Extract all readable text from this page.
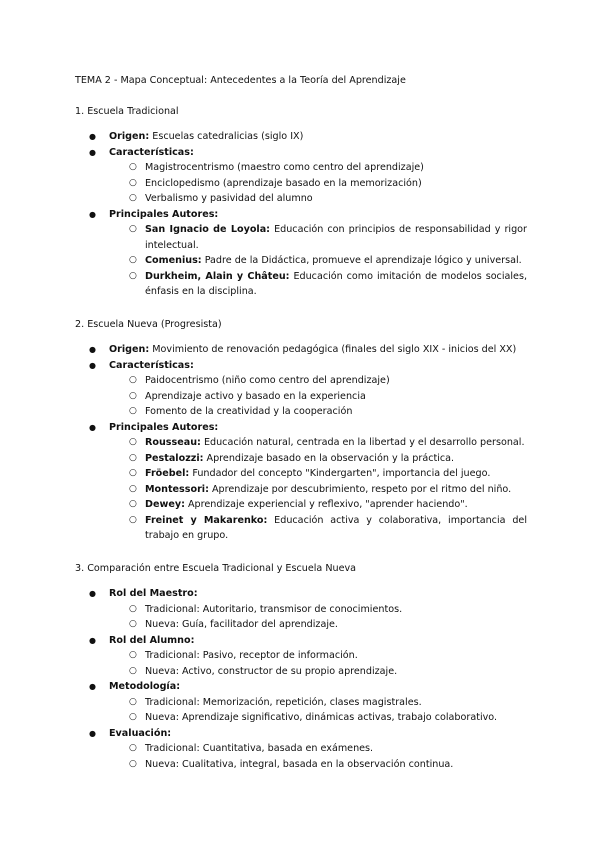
TEMA 2 - Mapa Conceptual: Antecedentes a la Teoría del Aprendizaje
1. Escuela Tradicional
● Origen: Escuelas catedralicias (siglo IX)
● Características:
○ Magistrocentrismo (maestro como centro del aprendizaje)
○ Enciclopedismo (aprendizaje basado en la memorización)
○ Verbalismo y pasividad del alumno
● Principales Autores:
○ San Ignacio de Loyola: Educación con principios de responsabilidad y rigor intelectual.
○ Comenius: Padre de la Didáctica, promueve el aprendizaje lógico y universal.
○ Durkheim, Alain y Châteu: Educación como imitación de modelos sociales, énfasis en la disciplina.
2. Escuela Nueva (Progresista)
● Origen: Movimiento de renovación pedagógica (finales del siglo XIX - inicios del XX)
● Características:
○ Paidocentrismo (niño como centro del aprendizaje)
○ Aprendizaje activo y basado en la experiencia
○ Fomento de la creatividad y la cooperación
● Principales Autores:
○ Rousseau: Educación natural, centrada en la libertad y el desarrollo personal.
○ Pestalozzi: Aprendizaje basado en la observación y la práctica.
○ Fröebel: Fundador del concepto "Kindergarten", importancia del juego.
○ Montessori: Aprendizaje por descubrimiento, respeto por el ritmo del niño.
○ Dewey: Aprendizaje experiencial y reflexivo, "aprender haciendo".
○ Freinet y Makarenko: Educación activa y colaborativa, importancia del trabajo en grupo.
3. Comparación entre Escuela Tradicional y Escuela Nueva
● Rol del Maestro:
○ Tradicional: Autoritario, transmisor de conocimientos.
○ Nueva: Guía, facilitador del aprendizaje.
● Rol del Alumno:
○ Tradicional: Pasivo, receptor de información.
○ Nueva: Activo, constructor de su propio aprendizaje.
● Metodología:
○ Tradicional: Memorización, repetición, clases magistrales.
○ Nueva: Aprendizaje significativo, dinámicas activas, trabajo colaborativo.
● Evaluación:
○ Tradicional: Cuantitativa, basada en exámenes.
○ Nueva: Cualitativa, integral, basada en la observación continua.
